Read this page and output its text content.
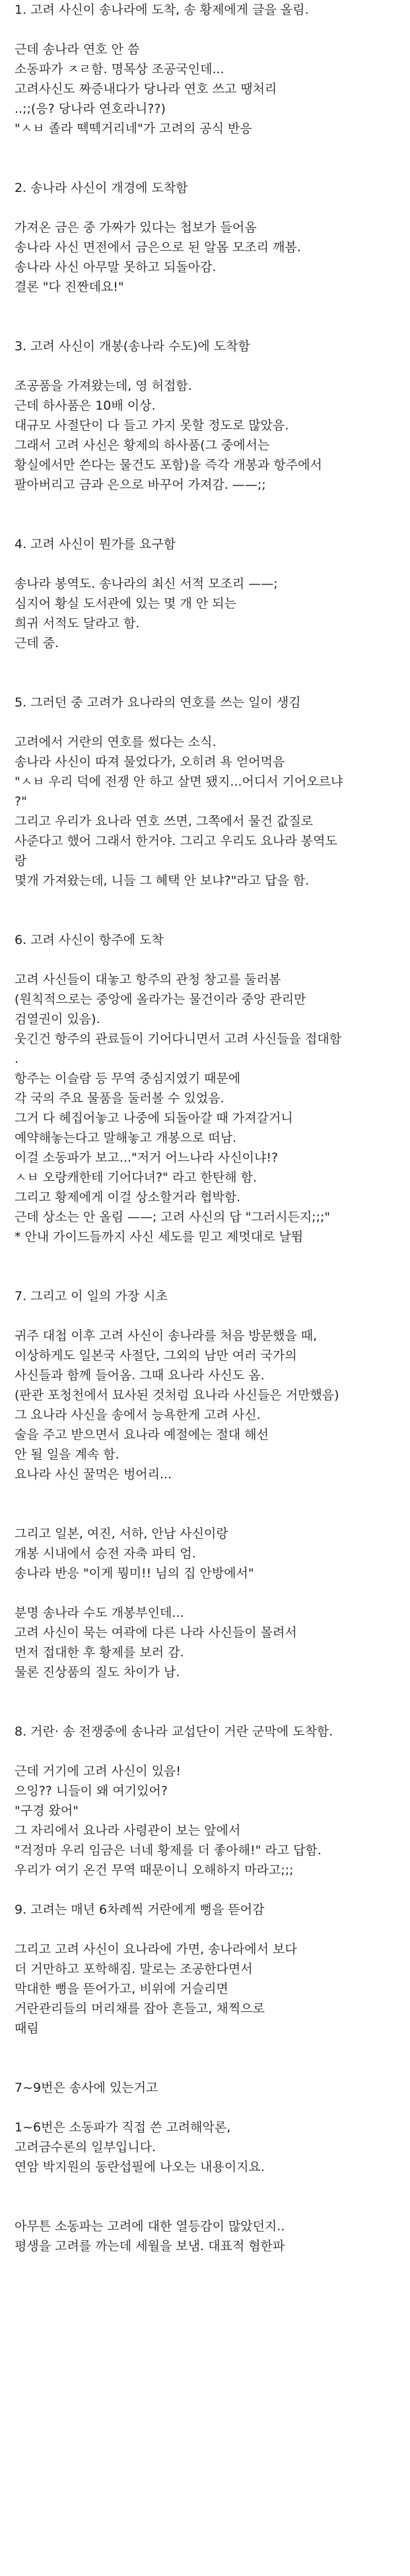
1. 고려 사신이 송나라에 도착, 송 황제에게 글을 올림.
근데 송나라 연호 안 씀
소동파가 ㅈㄹ함. 명목상 조공국인데...
고려사신도 짜증내다가 당나라 연호 쓰고 땡처리
..;;(응? 당나라 연호라니??)
"ㅅㅂ 졸라 떽떽거리네"가 고려의 공식 반응
2. 송나라 사신이 개경에 도착함
가져온 금은 중 가짜가 있다는 첩보가 들어옴
송나라 사신 면전에서 금은으로 된 알몸 모조리 깨봄.
송나라 사신 아무말 못하고 되돌아감.
결론 "다 진짠데요!"
3. 고려 사신이 개봉(송나라 수도)에 도착함
조공품을 가져왔는데, 영 허접함.
근데 하사품은 10배 이상.
대규모 사절단이 다 들고 가지 못할 정도로 많았음.
그래서 고려 사신은 황제의 하사품(그 중에서는
황실에서만 쓴다는 물건도 포함)을 즉각 개봉과 항주에서
팔아버리고 금과 은으로 바꾸어 가져감. ——;;
4. 고려 사신이 뭔가를 요구함
송나라 봉역도. 송나라의 최신 서적 모조리 ——;
심지어 황실 도서관에 있는 몇 개 안 되는
희귀 서적도 달라고 함.
근데 줌.
5. 그러던 중 고려가 요나라의 연호를 쓰는 일이 생김
고려에서 거란의 연호를 썼다는 소식.
송나라 사신이 따져 물었다가, 오히려 욕 얻어먹음
"ㅅㅂ 우리 덕에 전쟁 안 하고 살면 됐지...어디서 기어오르냐
?"
그리고 우리가 요나라 연호 쓰면, 그쪽에서 물건 값질로
사준다고 했어 그래서 한거야. 그리고 우리도 요나라 봉역도
랑
몇개 가져왔는데, 니들 그 혜택 안 보냐?"라고 답을 함.
6. 고려 사신이 항주에 도착
고려 사신들이 대놓고 항주의 관청 창고를 둘러봄
(원칙적으로는 중앙에 올라가는 물건이라 중앙 관리만
검열권이 있음).
웃긴건 항주의 관료들이 기어다니면서 고려 사신들을 접대함
.
항주는 이슬람 등 무역 중심지였기 때문에
각 국의 주요 물품을 둘러볼 수 있었음.
그거 다 헤집어놓고 나중에 되돌아갈 때 가져갈거니
예약해놓는다고 말해놓고 개봉으로 떠남.
이걸 소동파가 보고..."저거 어느나라 사신이냐!?
ㅅㅂ 오랑캐한테 기어다녀?" 라고 한탄해 함.
그리고 황제에게 이걸 상소할거라 협박함.
근데 상소는 안 올림 ——; 고려 사신의 답 "그러시든지;;;"
* 안내 가이드들까지 사신 세도를 믿고 제멋대로 날뜀
7. 그리고 이 일의 가장 시초
귀주 대첩 이후 고려 사신이 송나라를 처음 방문했을 때,
이상하게도 일본국 사절단, 그외의 남만 여러 국가의
사신들과 함께 들어옴. 그때 요나라 사신도 옴.
(판관 포청천에서 묘사된 것처럼 요나라 사신들은 거만했음)
그 요나라 사신을 송에서 능욕한게 고려 사신.
술을 주고 받으면서 요나라 예절에는 절대 해선
안 될 일을 계속 함.
요나라 사신 꿀먹은 벙어리...
그리고 일본, 여진, 서하, 안남 사신이랑
개봉 시내에서 승전 자축 파티 엄.
송나라 반응 "이게 뭥미!! 님의 집 안방에서"
분명 송나라 수도 개봉부인데...
고려 사신이 묵는 여곽에 다른 나라 사신들이 몰려서
먼저 접대한 후 황제를 보러 감.
물론 진상품의 질도 차이가 남.
8. 거란· 송 전쟁중에 송나라 교섭단이 거란 군막에 도착함.
근데 거기에 고려 사신이 있음!
으잉?? 니들이 왜 여기있어?
"구경 왔어"
그 자리에서 요나라 사령관이 보는 앞에서
"걱정마 우리 임금은 너네 황제를 더 좋아해!" 라고 답함.
우리가 여기 온건 무역 때문이니 오해하지 마라고;;;
9. 고려는 매년 6차례씩 거란에게 뻥을 뜯어감
그리고 고려 사신이 요나라에 가면, 송나라에서 보다
더 거만하고 포학해짐. 말로는 조공한다면서
막대한 뻥을 뜯어가고, 비위에 거슬리면
거란관리들의 머리채를 잡아 흔들고, 채찍으로
때림
7~9번은 송사에 있는거고
1~6번은 소동파가 직접 쓴 고려해악론,
고려금수론의 일부입니다.
연암 박지원의 동란섭필에 나오는 내용이지요.
아무튼 소동파는 고려에 대한 열등감이 많았던지..
평생을 고려를 까는데 세월을 보냄. 대표적 혐한파
